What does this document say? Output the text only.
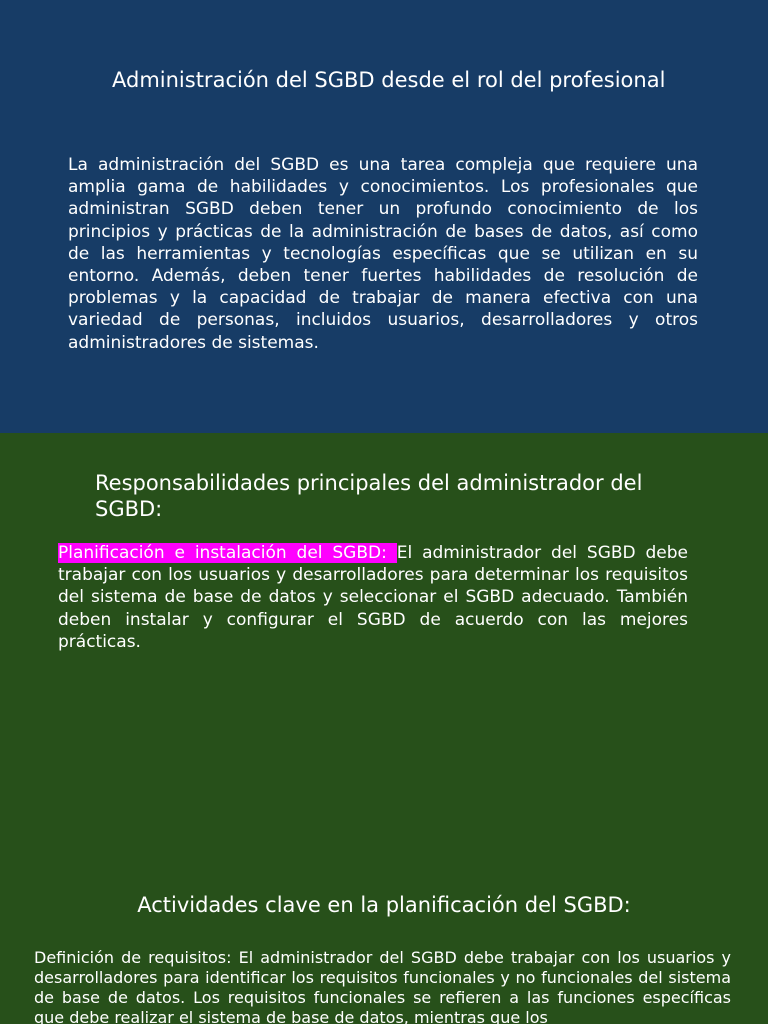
Administración del SGBD desde el rol del profesional

La administración del SGBD es una tarea compleja que requiere una amplia gama de habilidades y conocimientos. Los profesionales que administran SGBD deben tener un profundo conocimiento de los principios y prácticas de la administración de bases de datos, así como de las herramientas y tecnologías específicas que se utilizan en su entorno. Además, deben tener fuertes habilidades de resolución de problemas y la capacidad de trabajar de manera efectiva con una variedad de personas, incluidos usuarios, desarrolladores y otros administradores de sistemas.

Responsabilidades principales del administrador del SGBD:

Planificación e instalación del SGBD: El administrador del SGBD debe trabajar con los usuarios y desarrolladores para determinar los requisitos del sistema de base de datos y seleccionar el SGBD adecuado. También deben instalar y configurar el SGBD de acuerdo con las mejores prácticas.

Actividades clave en la planificación del SGBD:

Definición de requisitos: El administrador del SGBD debe trabajar con los usuarios y desarrolladores para identificar los requisitos funcionales y no funcionales del sistema de base de datos. Los requisitos funcionales se refieren a las funciones específicas que debe realizar el sistema de base de datos, mientras que los
